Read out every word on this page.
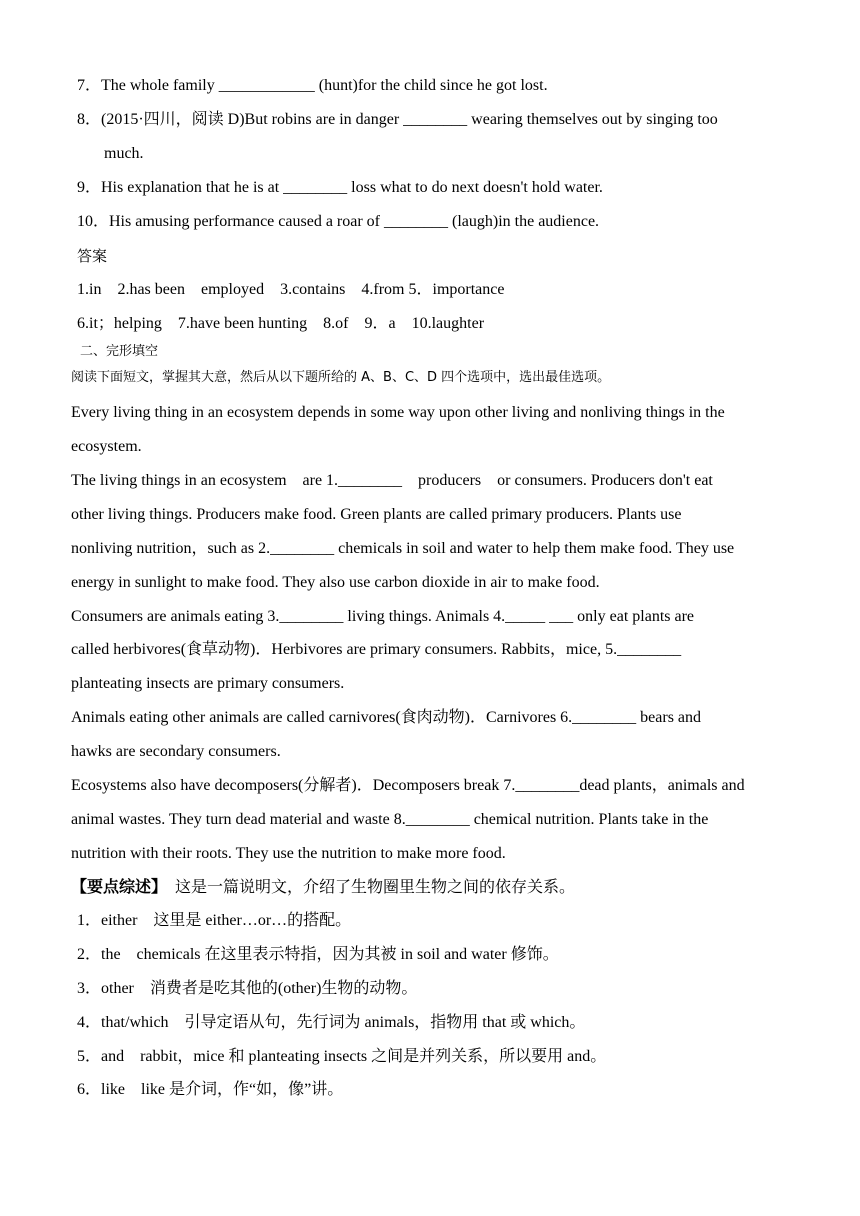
7．The whole family ____________ (hunt)for the child since he got lost.
8．(2015·四川，阅读 D)But robins are in danger ________ wearing themselves out by singing too
much.
9．His explanation that he is at ________ loss what to do next doesn't hold water.
10．His amusing performance caused a roar of ________ (laugh)in the audience.
答案
1.in    2.has been    employed    3.contains    4.from 5．importance
6.it；helping    7.have been hunting    8.of    9．a    10.laughter
二、完形填空
阅读下面短文，掌握其大意，然后从以下题所给的 A、B、C、D 四个选项中，选出最佳选项。
Every living thing in an ecosystem depends in some way upon other living and nonliving things in the
ecosystem.
The living things in an ecosystem    are 1.________    producers    or consumers. Producers don't eat
other living things. Producers make food. Green plants are called primary producers. Plants use
nonliving nutrition，such as 2.________ chemicals in soil and water to help them make food. They use
energy in sunlight to make food. They also use carbon dioxide in air to make food.
Consumers are animals eating 3.________ living things. Animals 4._____ ___ only eat plants are
called herbivores(食草动物)．Herbivores are primary consumers. Rabbits，mice, 5.________
planteating insects are primary consumers.
Animals eating other animals are called carnivores(食肉动物)．Carnivores 6.________ bears and
hawks are secondary consumers.
Ecosystems also have decomposers(分解者)．Decomposers break 7.________dead plants，animals and
animal wastes. They turn dead material and waste 8.________ chemical nutrition. Plants take in the
nutrition with their roots. They use the nutrition to make more food.
【要点综述】  这是一篇说明文，介绍了生物圈里生物之间的依存关系。
1．either    这里是 either…or…的搭配。
2．the    chemicals 在这里表示特指，因为其被 in soil and water 修饰。
3．other    消费者是吃其他的(other)生物的动物。
4．that/which    引导定语从句，先行词为 animals，指物用 that 或 which。
5．and    rabbit，mice 和 planteating insects 之间是并列关系，所以要用 and。
6．like    like 是介词，作“如，像”讲。
